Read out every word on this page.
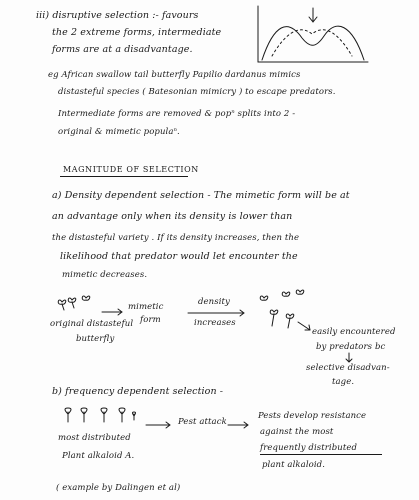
iii) disruptive selection :- favours
the 2 extreme forms, intermediate
forms are at a disadvantage.
eg African swallow tail butterfly Papilio dardanus mimics
distasteful species ( Batesonian mimicry ) to escape predators.
Intermediate forms are removed & popⁿ splits into 2 -
original & mimetic populaⁿ.
MAGNITUDE OF SELECTION
a) Density dependent selection - The mimetic form will be at
an advantage only when its density is lower than
the distasteful variety . If its density increases, then the
likelihood that predator would let encounter the
mimetic decreases.
mimetic
form
original distasteful
butterfly
density
increases
easily encountered
by predators bc
selective disadvan-
tage.
b) frequency dependent selection -
most distributed
Plant alkaloid A.
Pest attack
Pests develop resistance
against the most
frequently distributed
plant alkaloid.
( example by Dalingen et al)
